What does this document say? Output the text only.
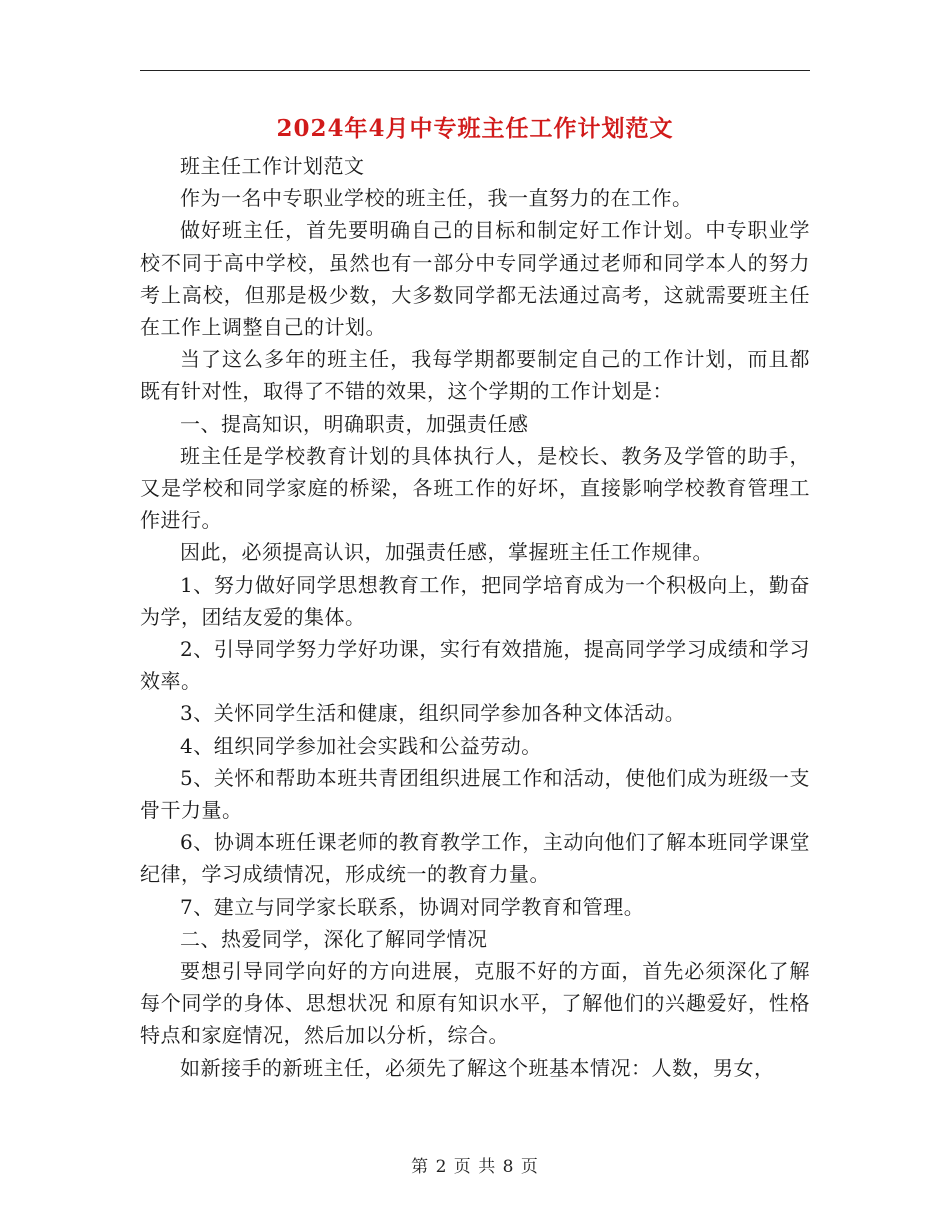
2024年4月中专班主任工作计划范文

班主任工作计划范文

作为一名中专职业学校的班主任，我一直努力的在工作。

做好班主任，首先要明确自己的目标和制定好工作计划。中专职业学校不同于高中学校，虽然也有一部分中专同学通过老师和同学本人的努力考上高校，但那是极少数，大多数同学都无法通过高考，这就需要班主任在工作上调整自己的计划。

当了这么多年的班主任，我每学期都要制定自己的工作计划，而且都既有针对性，取得了不错的效果，这个学期的工作计划是：

一、提高知识，明确职责，加强责任感

班主任是学校教育计划的具体执行人，是校长、教务及学管的助手，又是学校和同学家庭的桥梁，各班工作的好坏，直接影响学校教育管理工作进行。

因此，必须提高认识，加强责任感，掌握班主任工作规律。

1、努力做好同学思想教育工作，把同学培育成为一个积极向上，勤奋为学，团结友爱的集体。

2、引导同学努力学好功课，实行有效措施，提高同学学习成绩和学习效率。

3、关怀同学生活和健康，组织同学参加各种文体活动。

4、组织同学参加社会实践和公益劳动。

5、关怀和帮助本班共青团组织进展工作和活动，使他们成为班级一支骨干力量。

6、协调本班任课老师的教育教学工作，主动向他们了解本班同学课堂纪律，学习成绩情况，形成统一的教育力量。

7、建立与同学家长联系，协调对同学教育和管理。

二、热爱同学，深化了解同学情况

要想引导同学向好的方向进展，克服不好的方面，首先必须深化了解每个同学的身体、思想状况 和原有知识水平，了解他们的兴趣爱好，性格特点和家庭情况，然后加以分析，综合。

如新接手的新班主任，必须先了解这个班基本情况：人数，男女，

第 2 页 共 8 页
